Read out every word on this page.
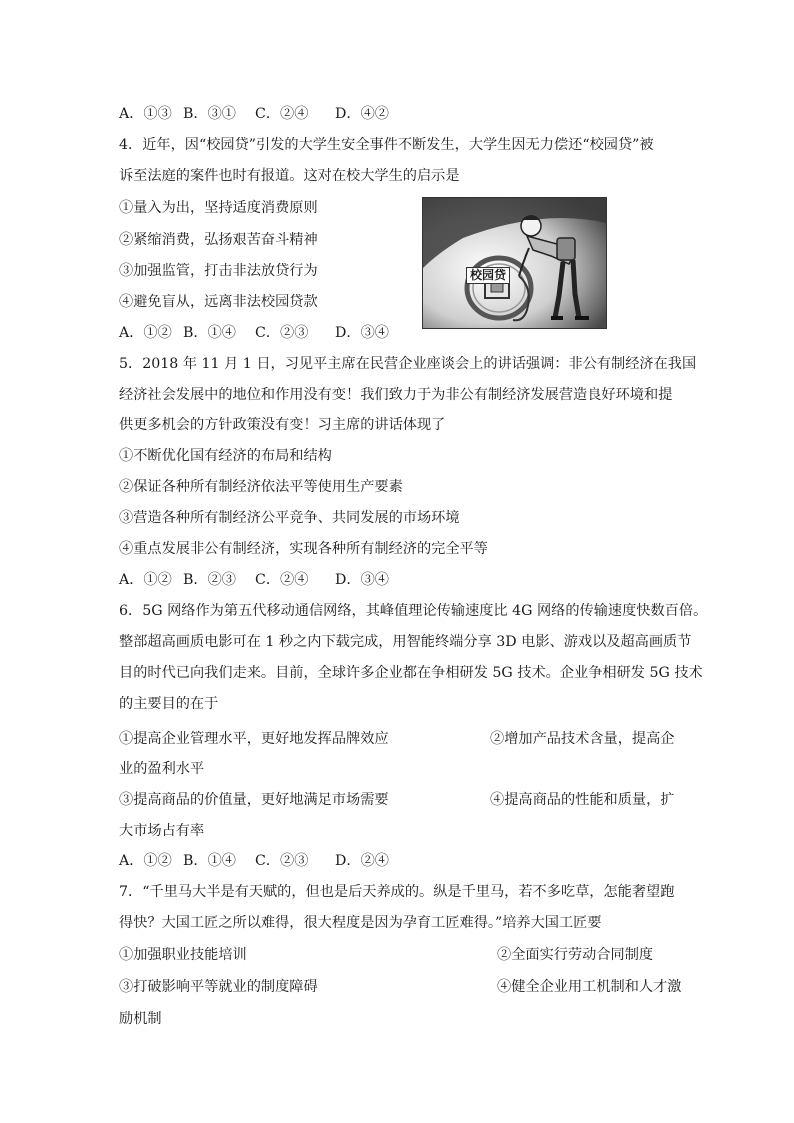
A．①③ B．③①	C．②④	D．④②
4．近年，因“校园贷”引发的大学生安全事件不断发生，大学生因无力偿还“校园贷”被
诉至法庭的案件也时有报道。这对在校大学生的启示是
①量入为出，坚持适度消费原则
②紧缩消费，弘扬艰苦奋斗精神
③加强监管，打击非法放贷行为
④避免盲从，远离非法校园贷款
A．①② B．①④	C．②③	D．③④
校园贷
5．2018 年 11 月 1 日，习见平主席在民营企业座谈会上的讲话强调：非公有制经济在我国
经济社会发展中的地位和作用没有变！我们致力于为非公有制经济发展营造良好环境和提
供更多机会的方针政策没有变！习主席的讲话体现了
①不断优化国有经济的布局和结构
②保证各种所有制经济依法平等使用生产要素
③营造各种所有制经济公平竞争、共同发展的市场环境
④重点发展非公有制经济，实现各种所有制经济的完全平等
A．①② B．②③	C．②④	D．③④
6．5G 网络作为第五代移动通信网络，其峰值理论传输速度比 4G 网络的传输速度快数百倍。
整部超高画质电影可在 1 秒之内下载完成，用智能终端分享 3D 电影、游戏以及超高画质节
目的时代已向我们走来。目前，全球许多企业都在争相研发 5G 技术。企业争相研发 5G 技术
的主要目的在于
①提高企业管理水平，更好地发挥品牌效应	②增加产品技术含量，提高企
业的盈利水平
③提高商品的价值量，更好地满足市场需要	④提高商品的性能和质量，扩
大市场占有率
A．①② B．①④	C．②③	D．②④
7．“千里马大半是有天赋的，但也是后天养成的。纵是千里马，若不多吃草，怎能奢望跑
得快？大国工匠之所以难得，很大程度是因为孕育工匠难得。”培养大国工匠要
①加强职业技能培训	②全面实行劳动合同制度
③打破影响平等就业的制度障碍	④健全企业用工机制和人才激
励机制
